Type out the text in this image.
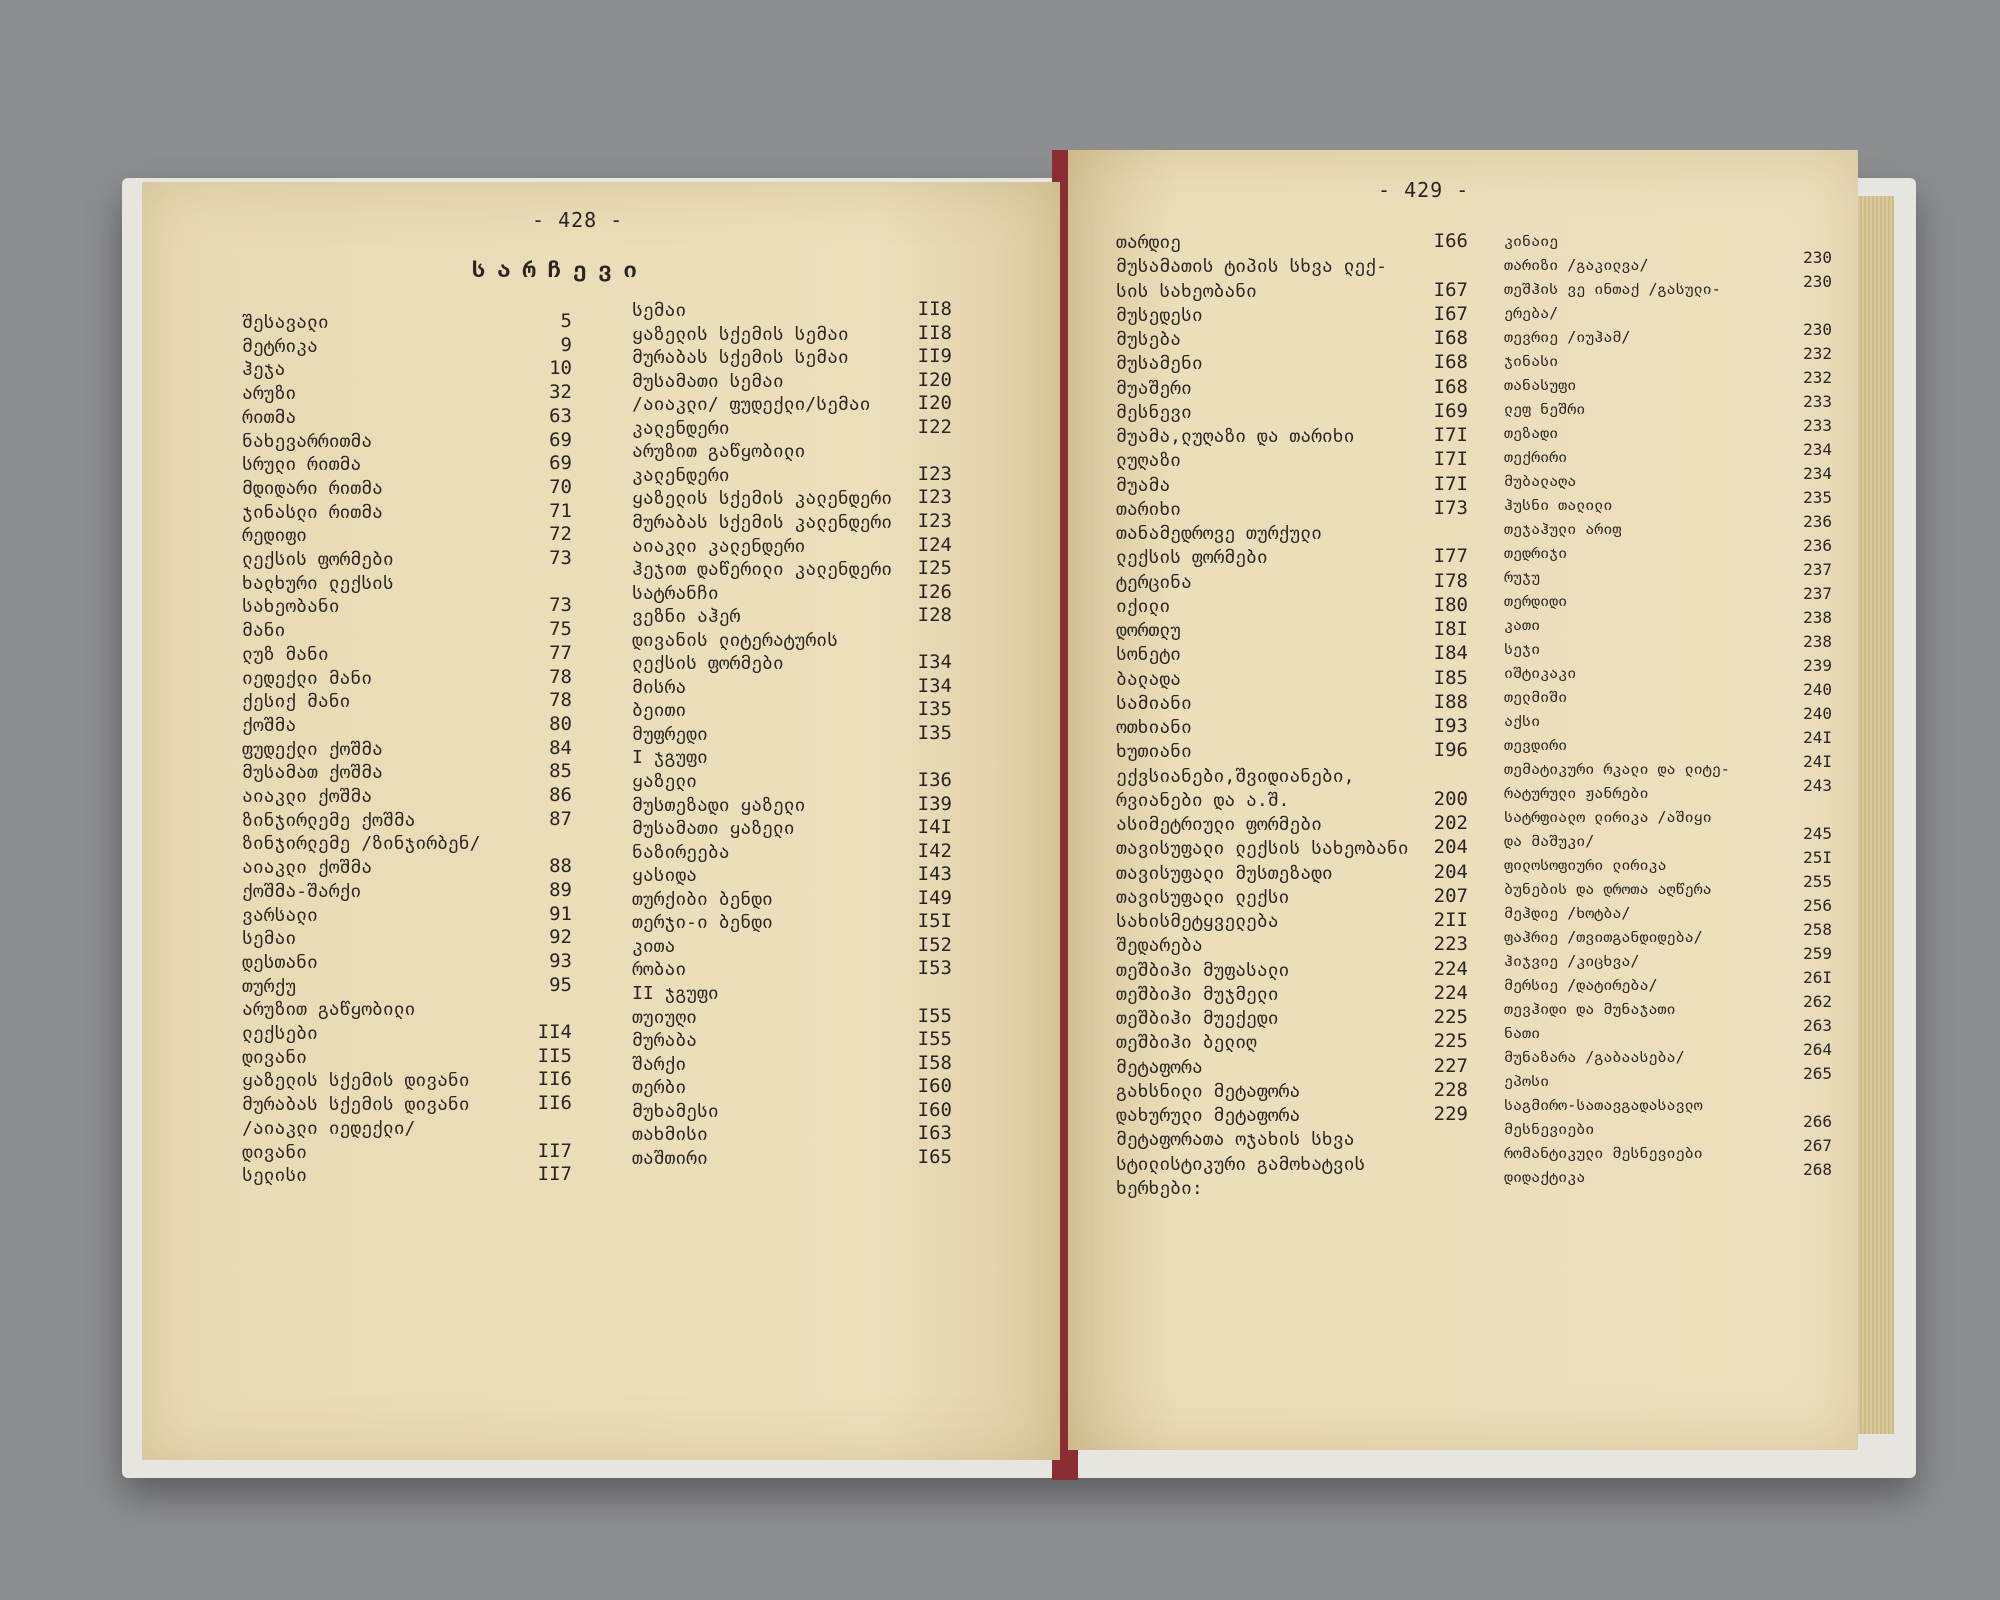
- 428 -
სარჩევი
შესავალი	5
მეტრიკა	9
ჰეჯა	10
არუზი	32
რითმა	63
ნახევარრითმა	69
სრული რითმა	69
მდიდარი რითმა	70
ჯინასლი რითმა	71
რედიფი	72
ლექსის ფორმები	73
ხალხური ლექსის
სახეობანი	73
მანი	75
ლუზ მანი	77
იედექლი მანი	78
ქესიქ მანი	78
ქოშმა	80
ფუდექლი ქოშმა	84
მუსამათ ქოშმა	85
აიაკლი ქოშმა	86
ზინჯირლემე ქოშმა	87
ზინჯირლემე /ზინჯირბენ/
აიაკლი ქოშმა	88
ქოშმა-შარქი	89
ვარსალი	91
სემაი	92
დესთანი	93
თურქუ	95
არუზით გაწყობილი
ლექსები	II4
დივანი	II5
ყაზელის სქემის დივანი	II6
მურაბას სქემის დივანი	II6
/აიაკლი იედექლი/
დივანი	II7
სელისი	II7
სემაი	II8
ყაზელის სქემის სემაი	II8
მურაბას სქემის სემაი	II9
მუსამათი სემაი	I20
/აიაკლი/ ფუდექლი/სემაი	I20
კალენდერი	I22
არუზით გაწყობილი
კალენდერი	I23
ყაზელის სქემის კალენდერი	I23
მურაბას სქემის კალენდერი	I23
აიაკლი კალენდერი	I24
ჰეჯით დაწერილი კალენდერი	I25
სატრანჩი	I26
ვეზნი აჰერ	I28
დივანის ლიტერატურის
ლექსის ფორმები	I34
მისრა	I34
ბეითი	I35
მუფრედი	I35
I ჯგუფი
ყაზელი	I36
მუსთეზადი ყაზელი	I39
მუსამათი ყაზელი	I4I
ნაზირეება	I42
ყასიდა	I43
თურქიბი ბენდი	I49
თერჯი-ი ბენდი	I5I
კითა	I52
რობაი	I53
II ჯგუფი
თუიუღი	I55
მურაბა	I55
შარქი	I58
თერბი	I60
მუხამესი	I60
თახმისი	I63
თაშთირი	I65
- 429 -
თარდიე	I66
მუსამათის ტიპის სხვა ლექ-
სის სახეობანი	I67
მუსედესი	I67
მუსება	I68
მუსამენი	I68
მუაშერი	I68
მესნევი	I69
მუამა,ლუღაზი და თარიხი	I7I
ლუღაზი	I7I
მუამა	I7I
თარიხი	I73
თანამედროვე თურქული
ლექსის ფორმები	I77
ტერცინა	I78
იქილი	I80
დორთლუ	I8I
სონეტი	I84
ბალადა	I85
სამიანი	I88
ოთხიანი	I93
ხუთიანი	I96
ექვსიანები,შვიდიანები,
რვიანები და ა.შ.	200
ასიმეტრიული ფორმები	202
თავისუფალი ლექსის სახეობანი	204
თავისუფალი მუსთეზადი	204
თავისუფალი ლექსი	207
სახისმეტყველება	2II
შედარება	223
თეშბიჰი მუფასალი	224
თეშბიჰი მუჯმელი	224
თეშბიჰი მუექედი	225
თეშბიჰი ბელიღ	225
მეტაფორა	227
გახსნილი მეტაფორა	228
დახურული მეტაფორა	229
მეტაფორათა ოჯახის სხვა
სტილისტიკური გამოხატვის
ხერხები:
კინაიე
თარიზი /გაკილვა/	230
თეშჰის ვე ინთაქ /გასული-	230
ერება/
თევრიე /იუჰამ/	230
ჯინასი	232
თანასუფი	232
ლეფ ნეშრი	233
თეზადი	233
თექრირი	234
მუბალაღა	234
ჰუსნი თალილი	235
თეჯაჰული არიფ	236
თედრიჯი	236
რუჯუ	237
თერდიდი	237
კათი	238
სეჯი	238
იშტიკაკი	239
თელმიში	240
აქსი	240
თევდირი	24I
თემატიკური რკალი და ლიტე-	24I
რატურული ჟანრები	243
სატრფიალო ლირიკა /აშიყი
და მაშუკი/	245
ფილოსოფიური ლირიკა	25I
ბუნების და დროთა აღწერა	255
მეჰდიე /ხოტბა/	256
ფაჰრიე /თვითგანდიდება/	258
ჰიჯვიე /კიცხვა/	259
მერსიე /დატირება/	26I
თევჰიდი და მუნაჯათი	262
ნათი	263
მუნაზარა /გაბაასება/	264
ეპოსი	265
საგმირო-სათავგადასავლო
მესნევიები	266
რომანტიკული მესნევიები	267
დიდაქტიკა	268
